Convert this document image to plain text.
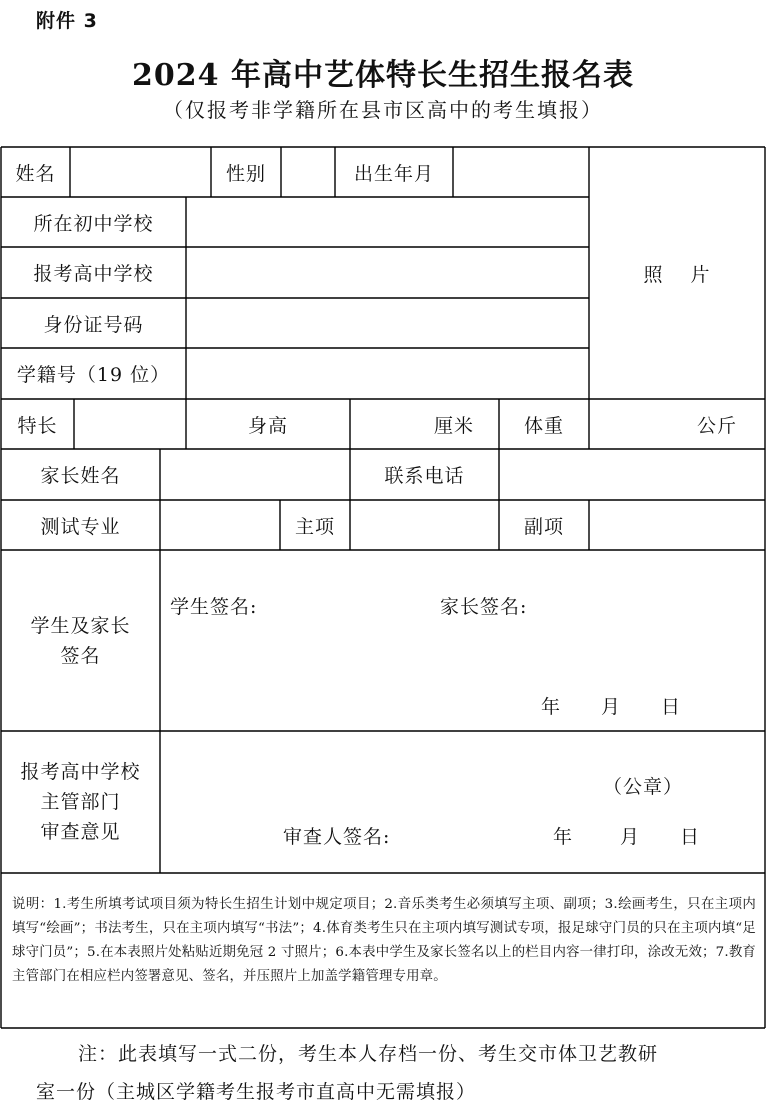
附件 3
2024 年高中艺体特长生招生报名表
（仅报考非学籍所在县市区高中的考生填报）
姓名	性别	出生年月
照　 片
所在初中学校
报考高中学校
身份证号码
学籍号（19 位）
特长	身高	厘米	体重	公斤
家长姓名	联系电话
测试专业	主项	副项
学生及家长
签名
学生签名:	家长签名:
年　　月　　日
报考高中学校
主管部门
审查意见
（公章）
审查人签名:	年　　 月　　日
说明：1.考生所填考试项目须为特长生招生计划中规定项目；2.音乐类考生必须填写主项、副项；3.绘画考生，只在主项内填写“绘画”；书法考生，只在主项内填写“书法”；4.体育类考生只在主项内填写测试专项，报足球守门员的只在主项内填“足球守门员”；5.在本表照片处粘贴近期免冠 2 寸照片；6.本表中学生及家长签名以上的栏目内容一律打印，涂改无效；7.教育主管部门在相应栏内签署意见、签名，并压照片上加盖学籍管理专用章。
注：此表填写一式二份，考生本人存档一份、考生交市体卫艺教研
室一份（主城区学籍考生报考市直高中无需填报）
